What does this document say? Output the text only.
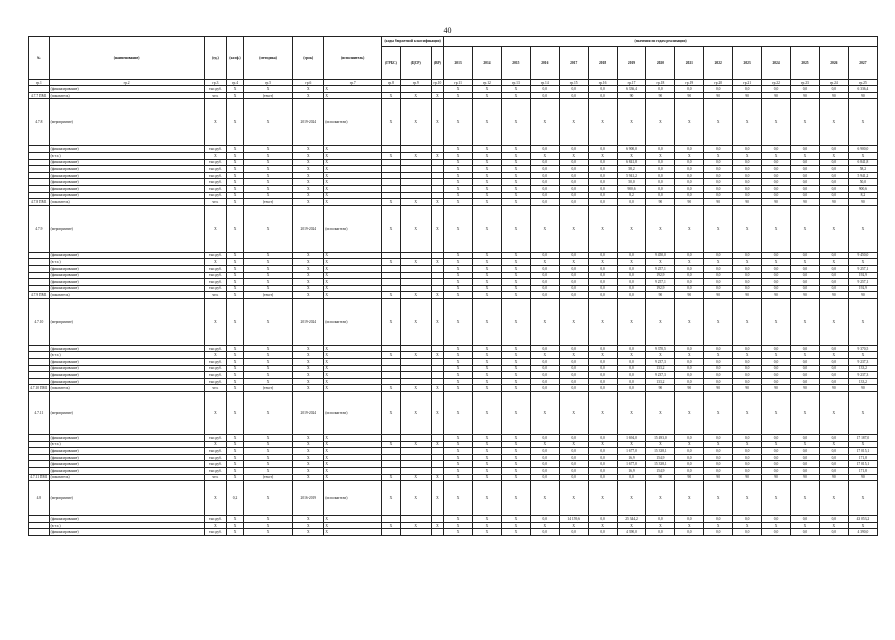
40
№	(наименование)	(ед.)	(коэф.)	(методика)	(срок)	(исполнитель)	(коды бюджетной классификации)			(значения по годам реализации)														
							(ГРБС)	(ЦСР)	(ВР)	2013	2014	2015	2016	2017	2018	2019	2020	2021	2022	2023	2024	2025	2026	2027
гр.1	гр.2	гр.3	гр.4	гр.5	гр.6	гр.7	гр.8	гр.9	гр.10	гр.11	гр.12	гр.13	гр.14	гр.15	гр.16	гр.17	гр.18	гр.19	гр.20	гр.21	гр.22	гр.23	гр.24	гр.25
	(финансирование)	тыс.руб.	X	X	X	X				X	X	X	0,0	0,0	0,0	6 336,4	0,0	0,0	0,0	0,0	0,0	0,0	0,0	6 336,4
4.7.7 ПМ1	(показатель)	чел.	X	(текст)	X	X	X	X	X	X	X	X	0,0	0,0	0,0	90	90	90	90	90	90	90	90	90
4.7.8	(мероприятие)	X	X	X	2019-2024	(исполнители)	X	X	X	X	X	X	X	X	X	X	X	X	X	X	X	X	X	X
	(финансирование)	тыс.руб.	X	X	X	X				X	X	X	0,0	0,0	0,0	6 900,0	0,0	0,0	0,0	0,0	0,0	0,0	0,0	6 900,0
	(в т.ч.)	X	X	X	X	X	X	X	X	X	X	X	X	X	X	X	X	X	X	X	X	X	X	X
	(финансирование)	тыс.руб.	X	X	X	X				X	X	X	0,0	0,0	0,0	6 841,8	0,0	0,0	0,0	0,0	0,0	0,0	0,0	6 841,8
	(финансирование)	тыс.руб.	X	X	X	X				X	X	X	0,0	0,0	0,0	58,2	0,0	0,0	0,0	0,0	0,0	0,0	0,0	58,2
	(финансирование)	тыс.руб.	X	X	X	X				X	X	X	0,0	0,0	0,0	5 941,2	0,0	0,0	0,0	0,0	0,0	0,0	0,0	5 941,2
	(финансирование)	тыс.руб.	X	X	X	X				X	X	X	0,0	0,0	0,0	50,0	0,0	0,0	0,0	0,0	0,0	0,0	0,0	50,0
	(финансирование)	тыс.руб.	X	X	X	X				X	X	X	0,0	0,0	0,0	900,6	0,0	0,0	0,0	0,0	0,0	0,0	0,0	900,6
	(финансирование)	тыс.руб.	X	X	X	X				X	X	X	0,0	0,0	0,0	8,2	0,0	0,0	0,0	0,0	0,0	0,0	0,0	8,2
4.7.8 ПМ1	(показатель)	чел.	X	(текст)	X	X	X	X	X	X	X	X	0,0	0,0	0,0	0,0	90	90	90	90	90	90	90	90
4.7.9	(мероприятие)	X	X	X	2019-2024	(исполнители)	X	X	X	X	X	X	X	X	X	X	X	X	X	X	X	X	X	X
	(финансирование)	тыс.руб.	X	X	X	X				X	X	X	0,0	0,0	0,0	0,0	9 450,0	0,0	0,0	0,0	0,0	0,0	0,0	9 450,0
	(в т.ч.)	X	X	X	X	X	X	X	X	X	X	X	X	X	X	X	X	X	X	X	X	X	X	X
	(финансирование)	тыс.руб.	X	X	X	X				X	X	X	0,0	0,0	0,0	0,0	9 257,1	0,0	0,0	0,0	0,0	0,0	0,0	9 257,1
	(финансирование)	тыс.руб.	X	X	X	X				X	X	X	0,0	0,0	0,0	0,0	192,9	0,0	0,0	0,0	0,0	0,0	0,0	192,9
	(финансирование)	тыс.руб.	X	X	X	X				X	X	X	0,0	0,0	0,0	0,0	9 257,1	0,0	0,0	0,0	0,0	0,0	0,0	9 257,1
	(финансирование)	тыс.руб.	X	X	X	X				X	X	X	0,0	0,0	0,0	0,0	192,9	0,0	0,0	0,0	0,0	0,0	0,0	192,9
4.7.9 ПМ1	(показатель)	чел.	X	(текст)	X	X	X	X	X	X	X	X	0,0	0,0	0,0	0,0	90	90	90	90	90	90	90	90
4.7.10	(мероприятие)	X	X	X	2019-2024	(исполнители)	X	X	X	X	X	X	X	X	X	X	X	X	X	X	X	X	X	X
	(финансирование)	тыс.руб.	X	X	X	X				X	X	X	0,0	0,0	0,0	0,0	9 370,5	0,0	0,0	0,0	0,0	0,0	0,0	9 370,5
	(в т.ч.)	X	X	X	X	X	X	X	X	X	X	X	X	X	X	X	X	X	X	X	X	X	X	X
	(финансирование)	тыс.руб.	X	X	X	X				X	X	X	0,0	0,0	0,0	0,0	9 237,3	0,0	0,0	0,0	0,0	0,0	0,0	9 237,3
	(финансирование)	тыс.руб.	X	X	X	X				X	X	X	0,0	0,0	0,0	0,0	133,2	0,0	0,0	0,0	0,0	0,0	0,0	133,2
	(финансирование)	тыс.руб.	X	X	X	X				X	X	X	0,0	0,0	0,0	0,0	9 237,3	0,0	0,0	0,0	0,0	0,0	0,0	9 237,3
	(финансирование)	тыс.руб.	X	X	X	X				X	X	X	0,0	0,0	0,0	0,0	133,2	0,0	0,0	0,0	0,0	0,0	0,0	133,2
4.7.10 ПМ1	(показатель)	чел.	X	(текст)	X	X	X	X	X	X	X	X	0,0	0,0	0,0	0,0	90	90	90	90	90	90	90	90
4.7.11	(мероприятие)	X	X	X	2019-2024	(исполнители)	X	X	X	X	X	X	X	X	X	X	X	X	X	X	X	X	X	X
	(финансирование)	тыс.руб.	X	X	X	X				X	X	X	0,0	0,0	0,0	1 694,0	15 493,0	0,0	0,0	0,0	0,0	0,0	0,0	17 187,0
	(в т.ч.)	X	X	X	X	X	X	X	X	X	X	X	X	X	X	X	X	X	X	X	X	X	X	X
	(финансирование)	тыс.руб.	X	X	X	X				X	X	X	0,0	0,0	0,0	1 677,0	15 338,1	0,0	0,0	0,0	0,0	0,0	0,0	17 015,1
	(финансирование)	тыс.руб.	X	X	X	X				X	X	X	0,0	0,0	0,0	16,9	154,9	0,0	0,0	0,0	0,0	0,0	0,0	171,8
	(финансирование)	тыс.руб.	X	X	X	X				X	X	X	0,0	0,0	0,0	1 677,0	15 338,1	0,0	0,0	0,0	0,0	0,0	0,0	17 015,1
	(финансирование)	тыс.руб.	X	X	X	X				X	X	X	0,0	0,0	0,0	16,9	154,9	0,0	0,0	0,0	0,0	0,0	0,0	171,8
4.7.11 ПМ1	(показатель)	чел.	X	(текст)	X	X	X	X	X	X	X	X	0,0	0,0	0,0	0,0	90	90	90	90	90	90	90	90
4.8	(мероприятие)	X	0,2	X	2016-2019	(исполнители)	X	X	X	X	X	X	X	X	X	X	X	X	X	X	X	X	X	X
	(финансирование)	тыс.руб.	X	X	X	X				X	X	X	0,0	14 159,6	0,0	25 344,2	0,0	0,0	0,0	0,0	0,0	0,0	0,0	43 053,2
	(в т.ч.)	X	X	X	X	X	X	X	X	X	X	X	X	X	X	X	X	X	X	X	X	X	X	X
	(финансирование)	тыс.руб.	X	X	X	X				X	X	X	0,0	0,0	0,0	4 390,0	0,0	0,0	0,0	0,0	0,0	0,0	0,0	4 390,0
